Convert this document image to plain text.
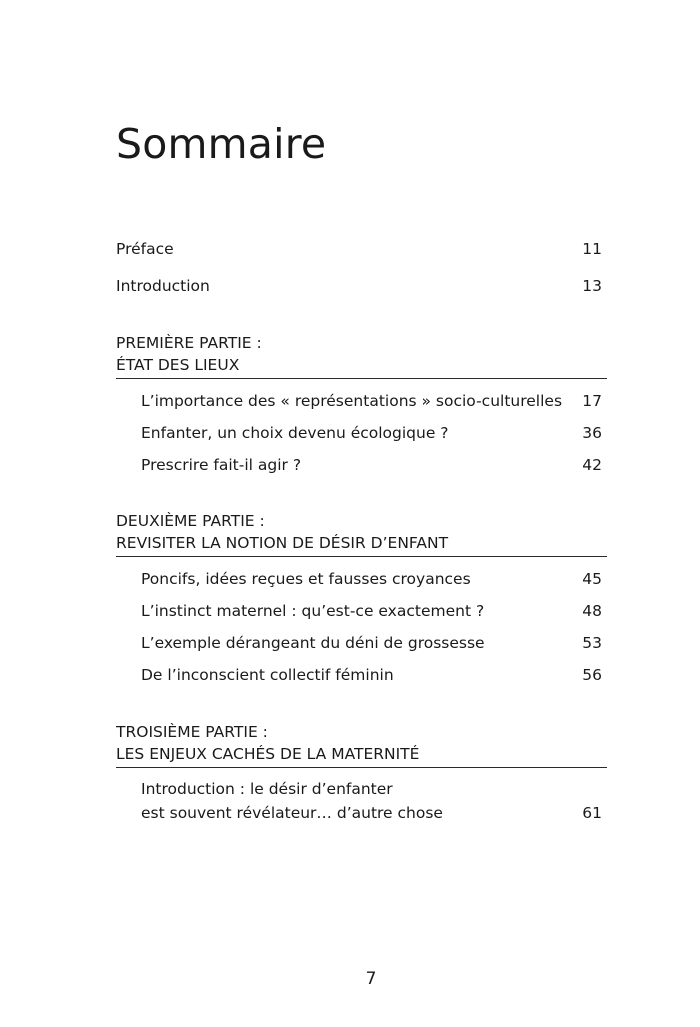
Sommaire
Préface	11
Introduction	13
PREMIÈRE PARTIE :
ÉTAT DES LIEUX
L’importance des « représentations » socio-culturelles 17
Enfanter, un choix devenu écologique ?	36
Prescrire fait-il agir ?	42
DEUXIÈME PARTIE :
REVISITER LA NOTION DE DÉSIR D’ENFANT
Poncifs, idées reçues et fausses croyances	45
L’instinct maternel : qu’est-ce exactement ?	48
L’exemple dérangeant du déni de grossesse	53
De l’inconscient collectif féminin	56
TROISIÈME PARTIE :
LES ENJEUX CACHÉS DE LA MATERNITÉ
Introduction : le désir d’enfanter
est souvent révélateur… d’autre chose	61
7
